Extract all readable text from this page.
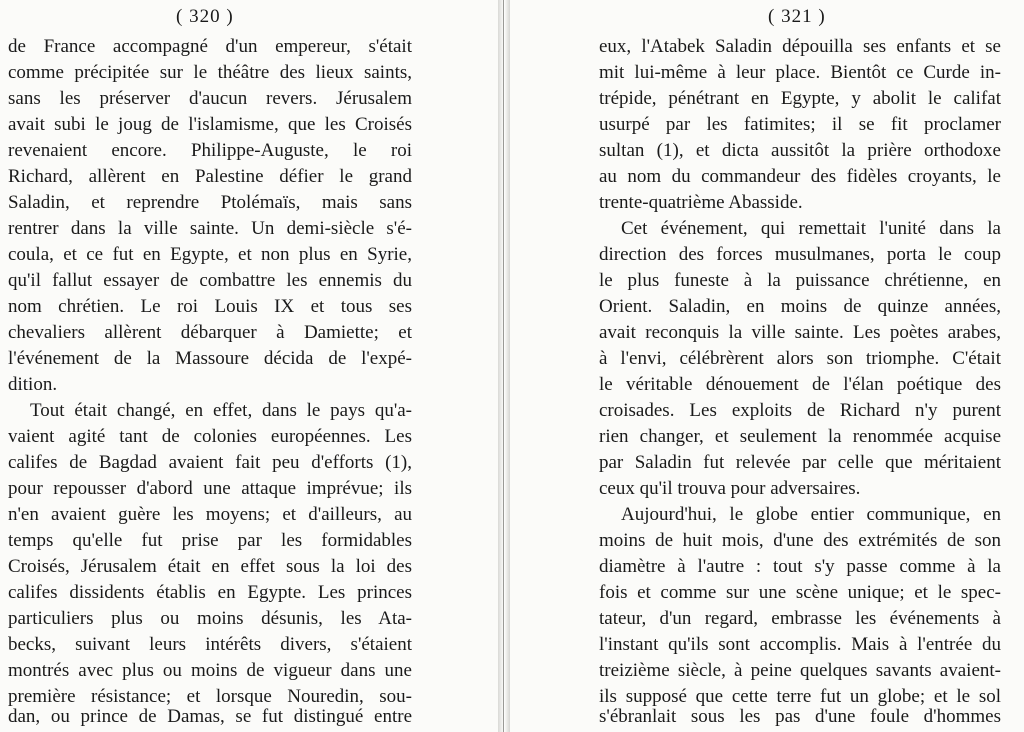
( 320 )
de France accompagné d'un empereur, s'était
comme précipitée sur le théâtre des lieux saints,
sans les préserver d'aucun revers. Jérusalem
avait subi le joug de l'islamisme, que les Croisés
revenaient encore. Philippe-Auguste, le roi
Richard, allèrent en Palestine défier le grand
Saladin, et reprendre Ptolémaïs, mais sans
rentrer dans la ville sainte. Un demi-siècle s'é-
coula, et ce fut en Egypte, et non plus en Syrie,
qu'il fallut essayer de combattre les ennemis du
nom chrétien. Le roi Louis IX et tous ses
chevaliers allèrent débarquer à Damiette; et
l'événement de la Massoure décida de l'expé-
dition.
Tout était changé, en effet, dans le pays qu'a-
vaient agité tant de colonies européennes. Les
califes de Bagdad avaient fait peu d'efforts (1),
pour repousser d'abord une attaque imprévue; ils
n'en avaient guère les moyens; et d'ailleurs, au
temps qu'elle fut prise par les formidables
Croisés, Jérusalem était en effet sous la loi des
califes dissidents établis en Egypte. Les princes
particuliers plus ou moins désunis, les Ata-
becks, suivant leurs intérêts divers, s'étaient
montrés avec plus ou moins de vigueur dans une
première résistance; et lorsque Nouredin, sou-
dan, ou prince de Damas, se fut distingué entre
( 321 )
eux, l'Atabek Saladin dépouilla ses enfants et se
mit lui-même à leur place. Bientôt ce Curde in-
trépide, pénétrant en Egypte, y abolit le califat
usurpé par les fatimites; il se fit proclamer
sultan (1), et dicta aussitôt la prière orthodoxe
au nom du commandeur des fidèles croyants, le
trente-quatrième Abasside.
Cet événement, qui remettait l'unité dans la
direction des forces musulmanes, porta le coup
le plus funeste à la puissance chrétienne, en
Orient. Saladin, en moins de quinze années,
avait reconquis la ville sainte. Les poètes arabes,
à l'envi, célébrèrent alors son triomphe. C'était
le véritable dénouement de l'élan poétique des
croisades. Les exploits de Richard n'y purent
rien changer, et seulement la renommée acquise
par Saladin fut relevée par celle que méritaient
ceux qu'il trouva pour adversaires.
Aujourd'hui, le globe entier communique, en
moins de huit mois, d'une des extrémités de son
diamètre à l'autre : tout s'y passe comme à la
fois et comme sur une scène unique; et le spec-
tateur, d'un regard, embrasse les événements à
l'instant qu'ils sont accomplis. Mais à l'entrée du
treizième siècle, à peine quelques savants avaient-
ils supposé que cette terre fut un globe; et le sol
s'ébranlait sous les pas d'une foule d'hommes
